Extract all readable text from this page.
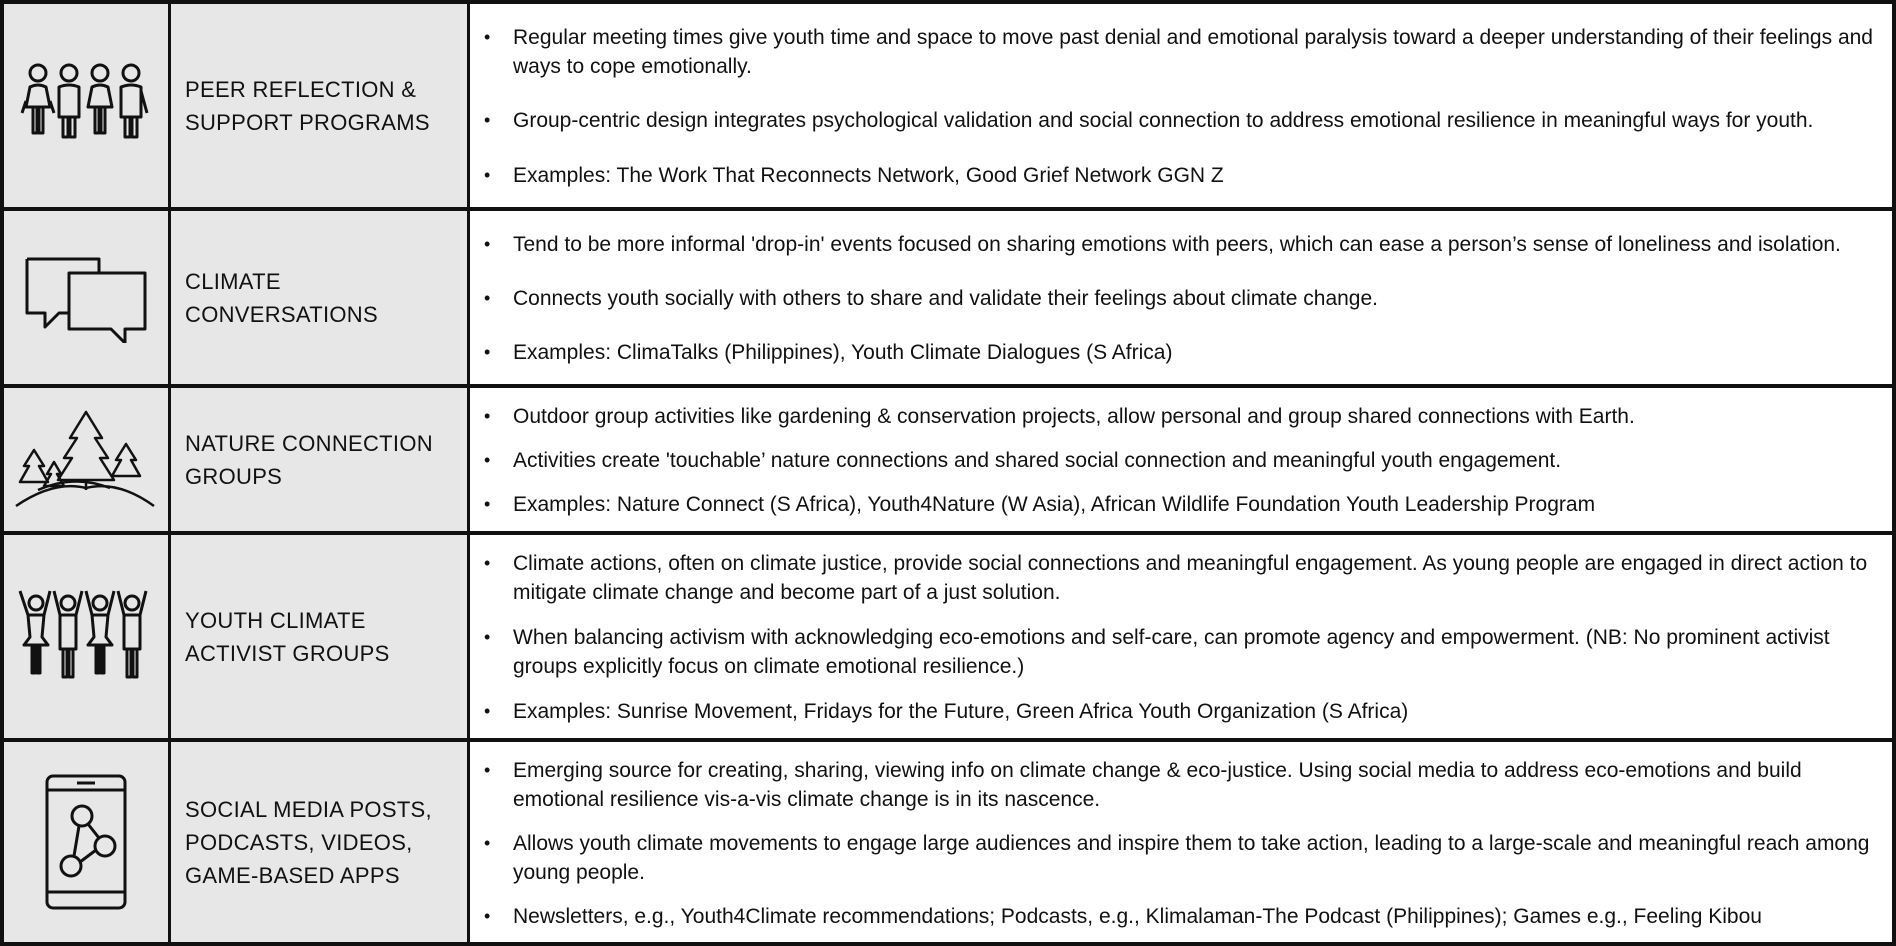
PEER REFLECTION &
SUPPORT PROGRAMS
•	Regular meeting times give youth time and space to move past denial and emotional paralysis toward a deeper understanding of their feelings and ways to cope emotionally.
•	Group-centric design integrates psychological validation and social connection to address emotional resilience in meaningful ways for youth.
•	Examples: The Work That Reconnects Network, Good Grief Network GGN Z
CLIMATE
CONVERSATIONS
•	Tend to be more informal 'drop-in' events focused on sharing emotions with peers, which can ease a person’s sense of loneliness and isolation.
•	Connects youth socially with others to share and validate their feelings about climate change.
•	Examples: ClimaTalks (Philippines), Youth Climate Dialogues (S Africa)
NATURE CONNECTION
GROUPS
•	Outdoor group activities like gardening & conservation projects, allow personal and group shared connections with Earth.
•	Activities create 'touchable’ nature connections and shared social connection and meaningful youth engagement.
•	Examples: Nature Connect (S Africa), Youth4Nature (W Asia), African Wildlife Foundation Youth Leadership Program
YOUTH CLIMATE
ACTIVIST GROUPS
•	Climate actions, often on climate justice, provide social connections and meaningful engagement. As young people are engaged in direct action to mitigate climate change and become part of a just solution.
•	When balancing activism with acknowledging eco-emotions and self-care, can promote agency and empowerment. (NB: No prominent activist groups explicitly focus on climate emotional resilience.)
•	Examples: Sunrise Movement, Fridays for the Future, Green Africa Youth Organization (S Africa)
SOCIAL MEDIA POSTS,
PODCASTS, VIDEOS,
GAME-BASED APPS
•	Emerging source for creating, sharing, viewing info on climate change & eco-justice. Using social media to address eco-emotions and build emotional resilience vis-a-vis climate change is in its nascence.
•	Allows youth climate movements to engage large audiences and inspire them to take action, leading to a large-scale and meaningful reach among young people.
•	Newsletters, e.g., Youth4Climate recommendations; Podcasts, e.g., Klimalaman-The Podcast (Philippines); Games e.g., Feeling Kibou
